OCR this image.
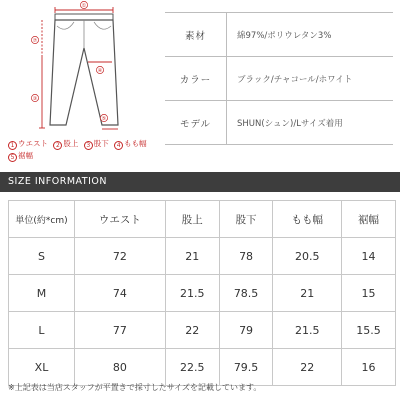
①
⑦
④
③
⑤
1 ウエスト 2 股上 3 股下 4 もも幅
5 裾幅
素材	綿97%/ポリウレタン3%
カラー	ブラック/チャコール/ホワイト
モデル	SHUN(シュン)/Lサイズ着用
SIZE INFORMATION
単位(約*cm)	ウエスト	股上	股下	もも幅	裾幅
S	72	21	78	20.5	14
M	74	21.5	78.5	21	15
L	77	22	79	21.5	15.5
XL	80	22.5	79.5	22	16
※上記表は当店スタッフが平置きで採寸したサイズを記載しています。
